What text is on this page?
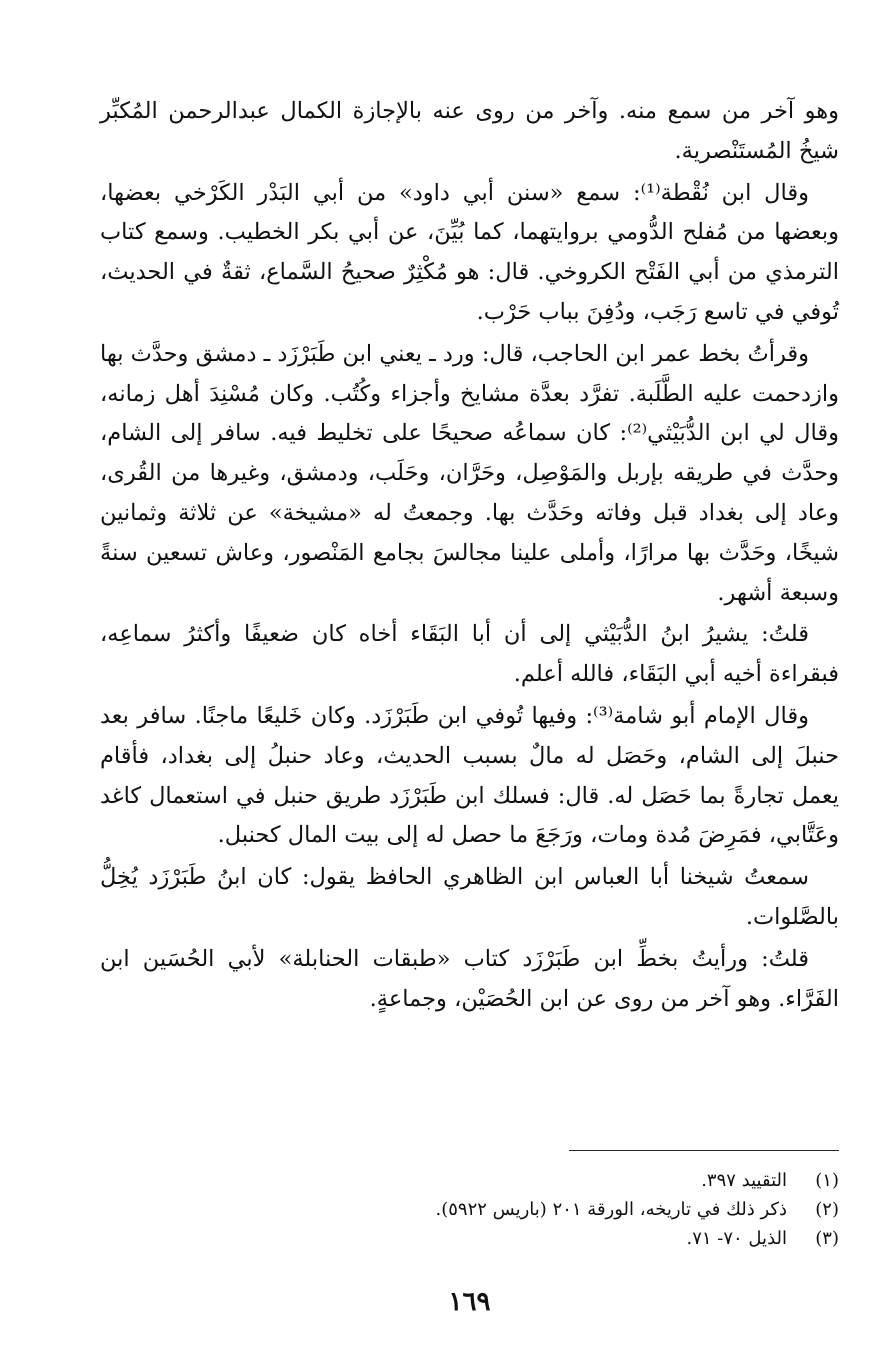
وهو آخر من سمع منه. وآخر من روى عنه بالإجازة الكمال عبدالرحمن المُكبِّر شيخُ المُستَنْصرية.

وقال ابن نُقْطة⁽¹⁾: سمع «سنن أبي داود» من أبي البَدْر الكَرْخي بعضها، وبعضها من مُفلح الدُّومي بروايتهما، كما بُيِّنَ، عن أبي بكر الخطيب. وسمع كتاب الترمذي من أبي الفَتْح الكروخي. قال: هو مُكْثِرٌ صحيحُ السَّماع، ثقةٌ في الحديث، تُوفي في تاسع رَجَب، ودُفِنَ بباب حَرْب.

وقرأتُ بخط عمر ابن الحاجب، قال: ورد ـ يعني ابن طَبَرْزَد ـ دمشق وحدَّث بها وازدحمت عليه الطَّلَبة. تفرَّد بعدَّة مشايخ وأجزاء وكُتُب. وكان مُسْنِدَ أهل زمانه، وقال لي ابن الدُّبَيْثي⁽²⁾: كان سماعُه صحيحًا على تخليط فيه. سافر إلى الشام، وحدَّث في طريقه بإربل والمَوْصِل، وحَرَّان، وحَلَب، ودمشق، وغيرها من القُرى، وعاد إلى بغداد قبل وفاته وحَدَّث بها. وجمعتُ له «مشيخة» عن ثلاثة وثمانين شيخًا، وحَدَّث بها مرارًا، وأملى علينا مجالسَ بجامع المَنْصور، وعاش تسعين سنةً وسبعة أشهر.

قلتُ: يشيرُ ابنُ الدُّبَيْثي إلى أن أبا البَقَاء أخاه كان ضعيفًا وأكثرُ سماعِه، فبقراءة أخيه أبي البَقَاء، فالله أعلم.

وقال الإمام أبو شامة⁽³⁾: وفيها تُوفي ابن طَبَرْزَد. وكان خَليعًا ماجنًا. سافر بعد حنبلَ إلى الشام، وحَصَل له مالٌ بسبب الحديث، وعاد حنبلُ إلى بغداد، فأقام يعمل تجارةً بما حَصَل له. قال: فسلك ابن طَبَرْزَد طريق حنبل في استعمال كاغد وعَتَّابي، فمَرِضَ مُدة ومات، ورَجَعَ ما حصل له إلى بيت المال كحنبل.

سمعتُ شيخنا أبا العباس ابن الظاهري الحافظ يقول: كان ابنُ طَبَرْزَد يُخِلُّ بالصَّلوات.

قلتُ: ورأيتُ بخطِّ ابن طَبَرْزَد كتاب «طبقات الحنابلة» لأبي الحُسَين ابن الفَرَّاء. وهو آخر من روى عن ابن الحُصَيْن، وجماعةٍ.

(١)
التقييد ٣٩٧.
(٢)
ذكر ذلك في تاريخه، الورقة ٢٠١ (باريس ٥٩٢٢).
(٣)
الذيل ٧٠- ٧١.
١٦٩
